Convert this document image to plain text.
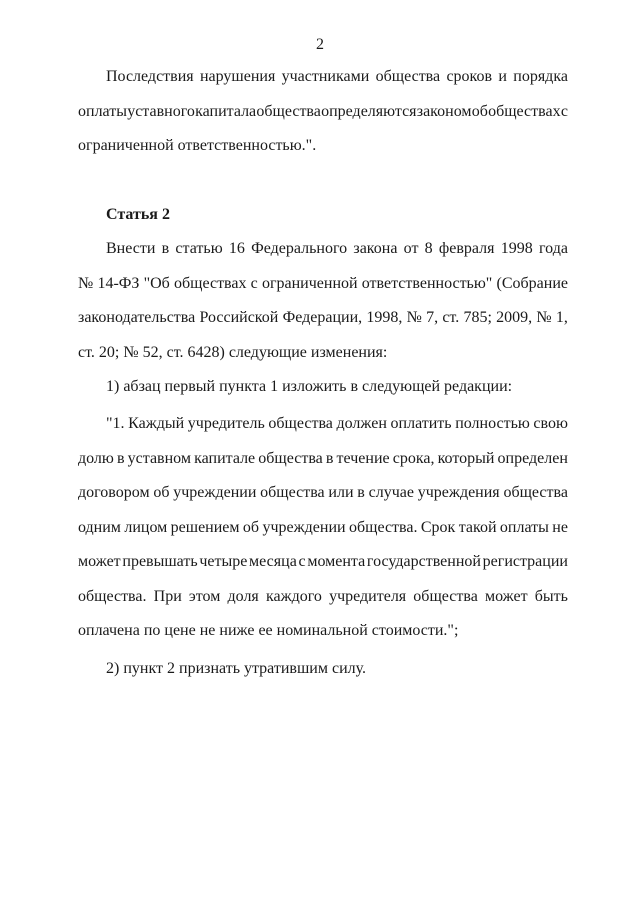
2
Последствия нарушения участниками общества сроков и порядка
оплаты уставного капитала общества определяются законом об обществах с
ограниченной ответственностью.".
Статья 2
Внести в статью 16 Федерального закона от 8 февраля 1998 года
№ 14-ФЗ "Об обществах с ограниченной ответственностью" (Собрание
законодательства Российской Федерации, 1998, № 7, ст. 785; 2009, № 1,
ст. 20; № 52, ст. 6428) следующие изменения:
1) абзац первый пункта 1 изложить в следующей редакции:
"1. Каждый учредитель общества должен оплатить полностью свою
долю в уставном капитале общества в течение срока, который определен
договором об учреждении общества или в случае учреждения общества
одним лицом решением об учреждении общества. Срок такой оплаты не
может превышать четыре месяца с момента государственной регистрации
общества. При этом доля каждого учредителя общества может быть
оплачена по цене не ниже ее номинальной стоимости.";
2) пункт 2 признать утратившим силу.
